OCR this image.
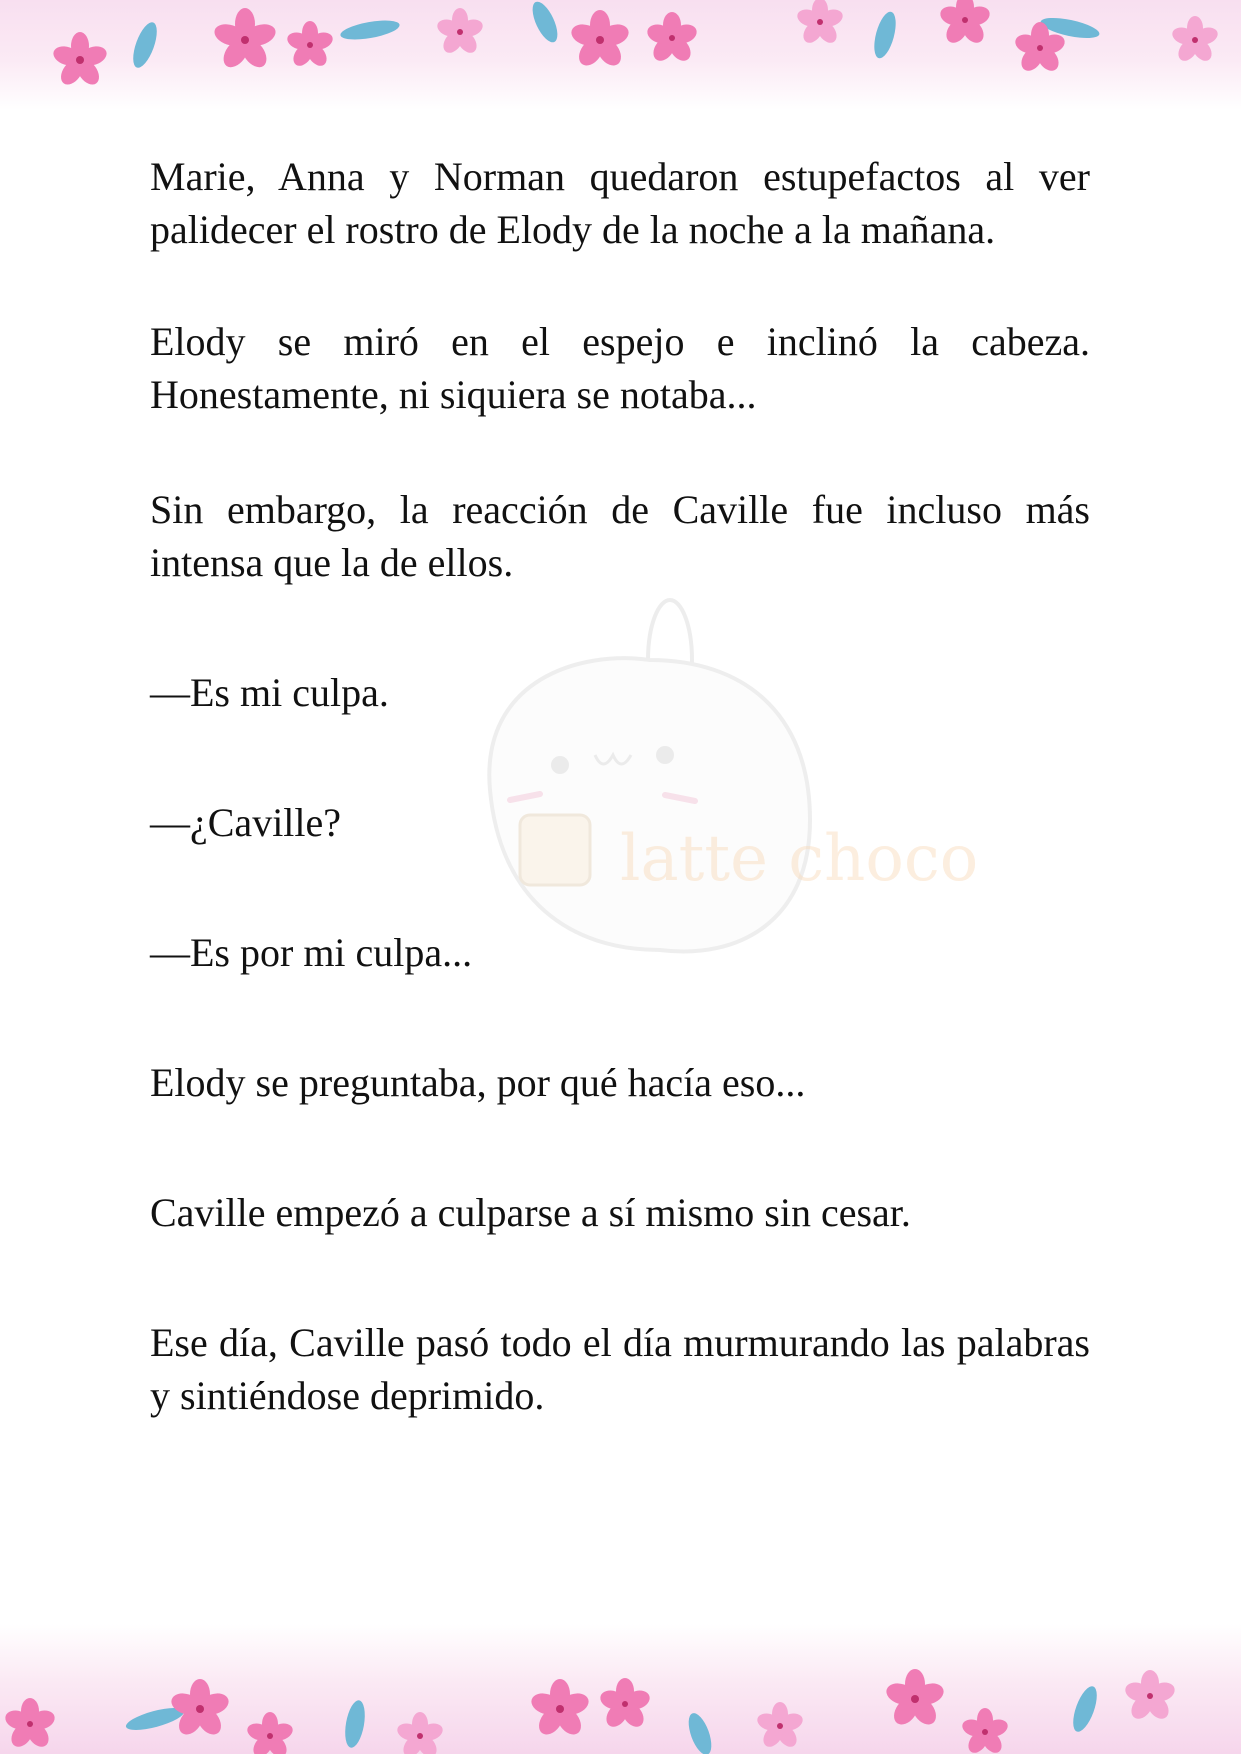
latte choco

Marie, Anna y Norman quedaron estupefactos al ver palidecer el rostro de Elody de la noche a la mañana.

Elody se miró en el espejo e inclinó la cabeza. Honestamente, ni siquiera se notaba...

Sin embargo, la reacción de Caville fue incluso más intensa que la de ellos.

—Es mi culpa.

—¿Caville?

—Es por mi culpa...

Elody se preguntaba, por qué hacía eso...

Caville empezó a culparse a sí mismo sin cesar.

Ese día, Caville pasó todo el día murmurando las palabras y sintiéndose deprimido.
